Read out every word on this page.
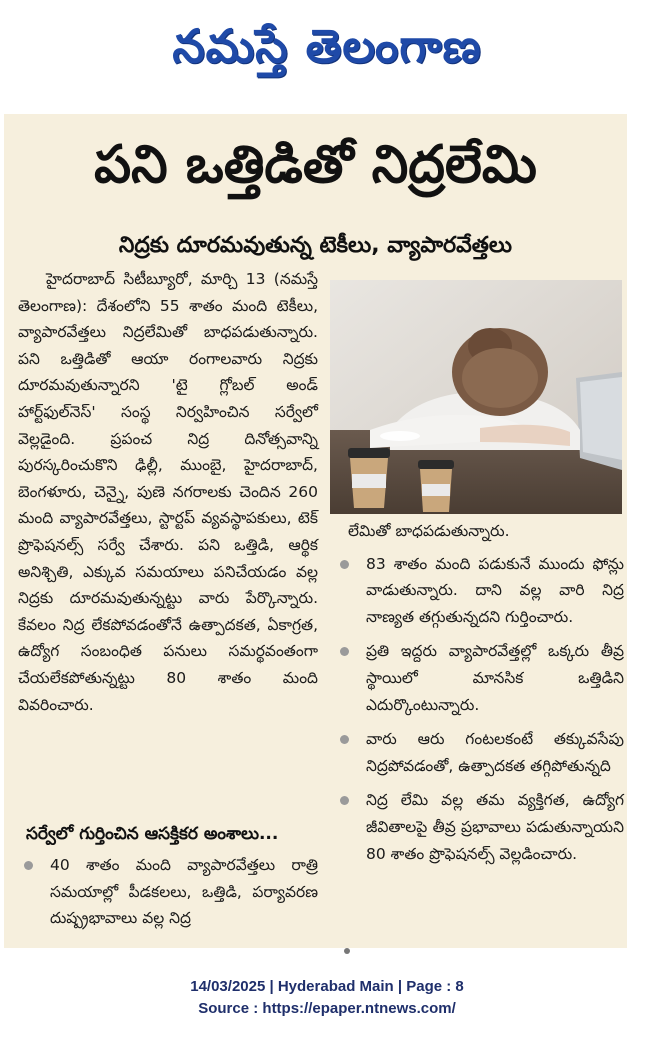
నమస్తే తెలంగాణ
పని ఒత్తిడితో నిద్రలేమి
నిద్రకు దూరమవుతున్న టెకీలు, వ్యాపారవేత్తలు

హైదరాబాద్ సిటీబ్యూరో, మార్చి 13 (నమస్తే తెలంగాణ): దేశంలోని 55 శాతం మంది టెకీలు, వ్యాపారవేత్తలు నిద్రలేమితో బాధపడుతున్నారు. పని ఒత్తిడితో ఆయా రంగాలవారు నిద్రకు దూరమవుతున్నారని 'టై గ్లోబల్ అండ్ హార్ట్‌ఫుల్‌నెస్' సంస్థ నిర్వహించిన సర్వేలో వెల్లడైంది. ప్రపంచ నిద్ర దినోత్సవాన్ని పురస్కరించుకొని ఢిల్లీ, ముంబై, హైదరాబాద్, బెంగళూరు, చెన్నై, పుణె నగరాలకు చెందిన 260 మంది వ్యాపారవేత్తలు, స్టార్టప్ వ్యవస్థాపకులు, టెక్ ప్రొఫెషనల్స్ సర్వే చేశారు. పని ఒత్తిడి, ఆర్థిక అనిశ్చితి, ఎక్కువ సమయాలు పనిచేయడం వల్ల నిద్రకు దూరమవుతున్నట్టు వారు పేర్కొన్నారు. కేవలం నిద్ర లేకపోవడంతోనే ఉత్పాదకత, ఏకాగ్రత, ఉద్యోగ సంబంధిత పనులు సమర్థవంతంగా చేయలేకపోతున్నట్టు 80 శాతం మంది వివరించారు.

సర్వేలో గుర్తించిన ఆసక్తికర అంశాలు...
40 శాతం మంది వ్యాపారవేత్తలు రాత్రి సమయాల్లో పీడకలలు, ఒత్తిడి, పర్యావరణ దుష్ప్రభావాలు వల్ల నిద్ర
లేమితో బాధపడుతున్నారు.
83 శాతం మంది పడుకునే ముందు ఫోన్లు వాడుతున్నారు. దాని వల్ల వారి నిద్ర నాణ్యత తగ్గుతున్నదని గుర్తించారు.
ప్రతి ఇద్దరు వ్యాపారవేత్తల్లో ఒక్కరు తీవ్ర స్థాయిలో మానసిక ఒత్తిడిని ఎదుర్కొంటున్నారు.
వారు ఆరు గంటలకంటే తక్కువసేపు నిద్రపోవడంతో, ఉత్పాదకత తగ్గిపోతున్నది
నిద్ర లేమి వల్ల తమ వ్యక్తిగత, ఉద్యోగ జీవితాలపై తీవ్ర ప్రభావాలు పడుతున్నాయని 80 శాతం ప్రొఫెషనల్స్ వెల్లడించారు.
14/03/2025 | Hyderabad Main | Page : 8
Source : https://epaper.ntnews.com/
